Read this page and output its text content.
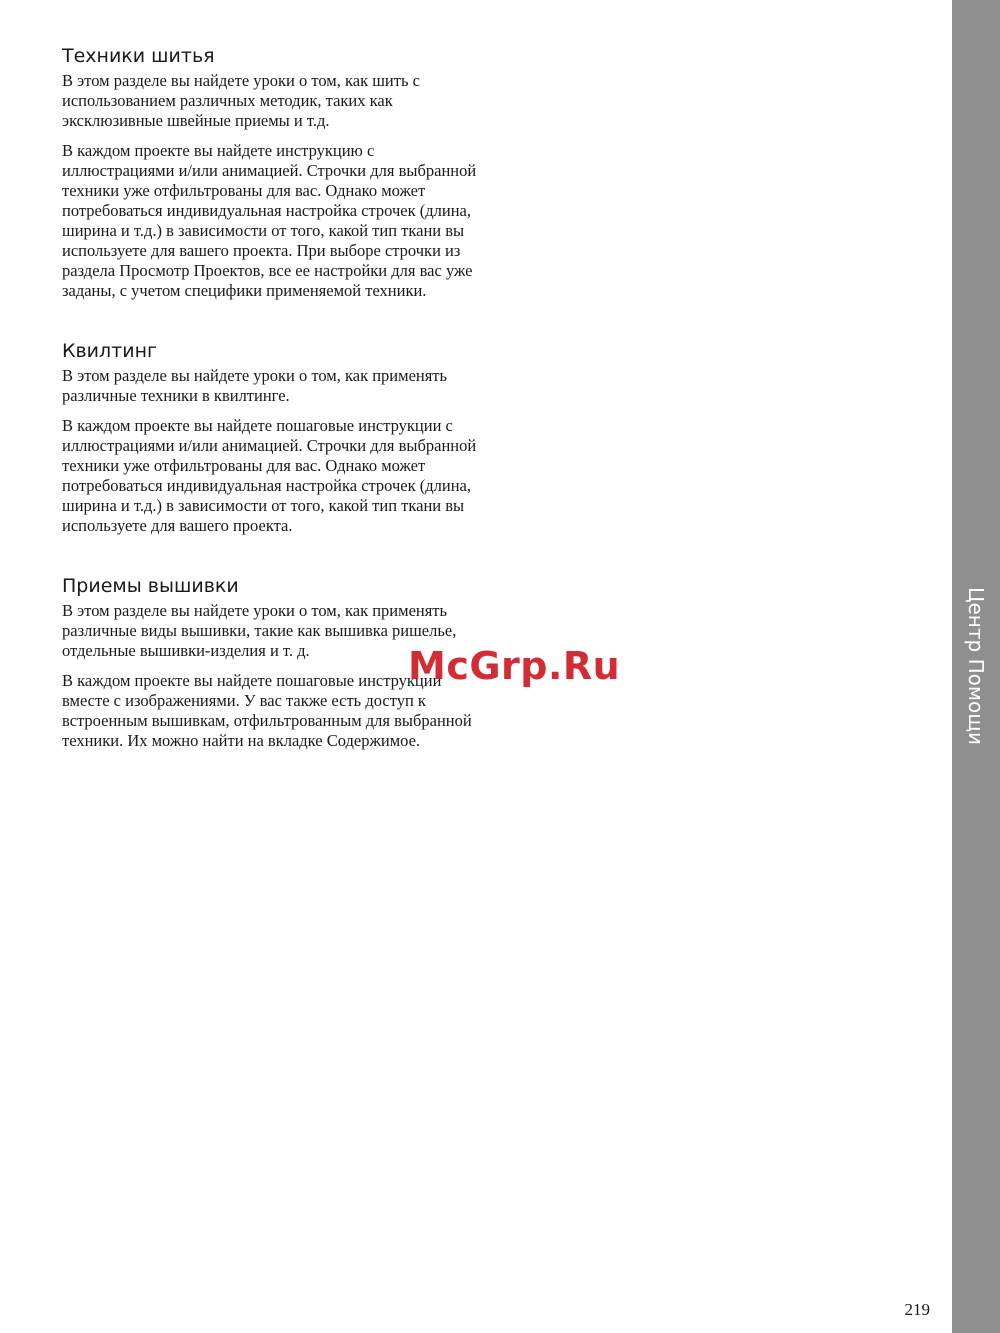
Техники шитья

В этом разделе вы найдете уроки о том, как шить с использованием различных методик, таких как эксклюзивные швейные приемы и т.д.

В каждом проекте вы найдете инструкцию с иллюстрациями и/или анимацией. Строчки для выбранной техники уже отфильтрованы для вас. Однако может потребоваться индивидуальная настройка строчек (длина, ширина и т.д.) в зависимости от того, какой тип ткани вы используете для вашего проекта. При выборе строчки из раздела Просмотр Проектов, все ее настройки для вас уже заданы, с учетом специфики применяемой техники.

Квилтинг

В этом разделе вы найдете уроки о том, как применять различные техники в квилтинге.

В каждом проекте вы найдете пошаговые инструкции с иллюстрациями и/или анимацией. Строчки для выбранной техники уже отфильтрованы для вас. Однако может потребоваться индивидуальная настройка строчек (длина, ширина и т.д.) в зависимости от того, какой тип ткани вы используете для вашего проекта.

Приемы вышивки

В этом разделе вы найдете уроки о том, как применять различные виды вышивки, такие как вышивка ришелье, отдельные вышивки-изделия и т. д.

В каждом проекте вы найдете пошаговые инструкции вместе с изображениями. У вас также есть доступ к встроенным вышивкам, отфильтрованным для выбранной техники. Их можно найти на вкладке Содержимое.

McGrp.Ru	Центр Помощи
219
